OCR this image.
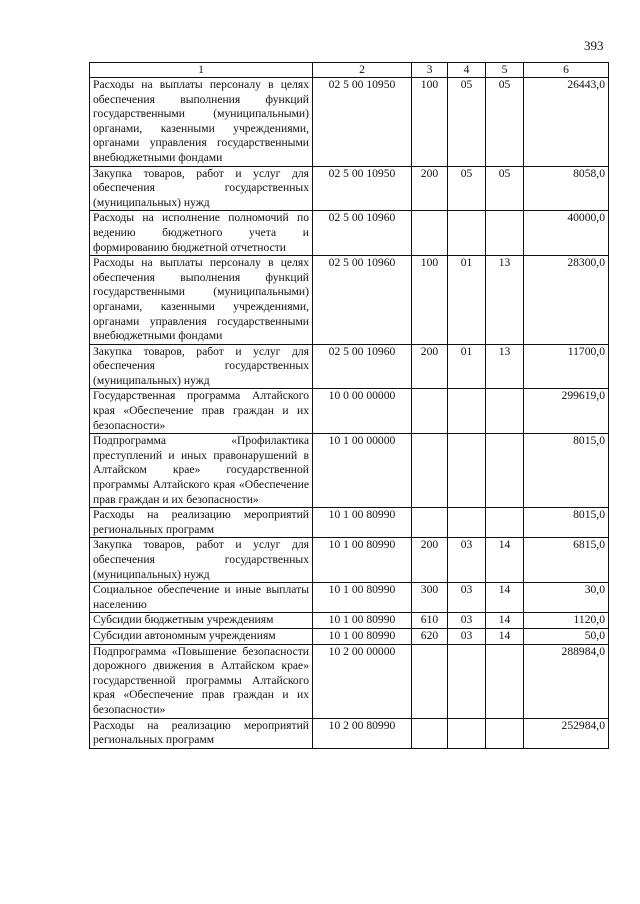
393
1	2	3	4	5	6
Расходы на выплаты персоналу в целях обеспечения выполнения функций государственными (муниципальными) органами, казенными учреждениями, органами управления государственными внебюджетными фондами	02 5 00 10950	100	05	05	26443,0
Закупка товаров, работ и услуг для обеспечения государственных (муниципальных) нужд	02 5 00 10950	200	05	05	8058,0
Расходы на исполнение полномочий по ведению бюджетного учета и формированию бюджетной отчетности	02 5 00 10960				40000,0
Расходы на выплаты персоналу в целях обеспечения выполнения функций государственными (муниципальными) органами, казенными учреждениями, органами управления государственными внебюджетными фондами	02 5 00 10960	100	01	13	28300,0
Закупка товаров, работ и услуг для обеспечения государственных (муниципальных) нужд	02 5 00 10960	200	01	13	11700,0
Государственная программа Алтайского края «Обеспечение прав граждан и их безопасности»	10 0 00 00000				299619,0
Подпрограмма «Профилактика преступлений и иных правонарушений в Алтайском крае» государственной программы Алтайского края «Обеспечение прав граждан и их безопасности»	10 1 00 00000				8015,0
Расходы на реализацию мероприятий региональных программ	10 1 00 80990				8015,0
Закупка товаров, работ и услуг для обеспечения государственных (муниципальных) нужд	10 1 00 80990	200	03	14	6815,0
Социальное обеспечение и иные выплаты населению	10 1 00 80990	300	03	14	30,0
Субсидии бюджетным учреждениям	10 1 00 80990	610	03	14	1120,0
Субсидии автономным учреждениям	10 1 00 80990	620	03	14	50,0
Подпрограмма «Повышение безопасности дорожного движения в Алтайском крае» государственной программы Алтайского края «Обеспечение прав граждан и их безопасности»	10 2 00 00000				288984,0
Расходы на реализацию мероприятий региональных программ	10 2 00 80990				252984,0
